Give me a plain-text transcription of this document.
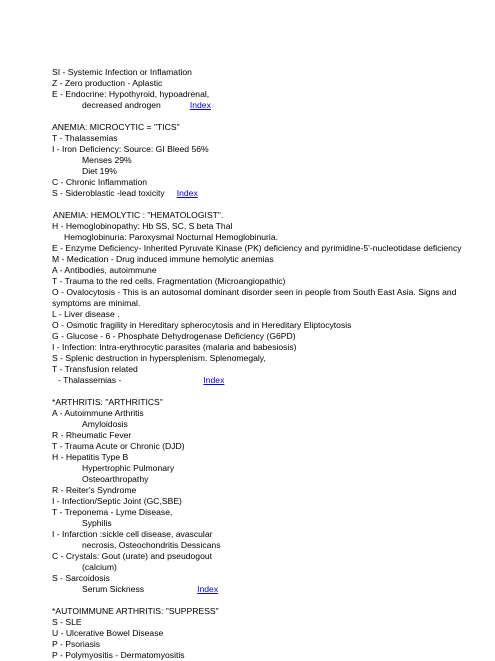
SI - Systemic Infection or Inflamation
Z - Zero production - Aplastic
E - Endocrine: Hypothyroid, hypoadrenal,
decreased androgen	Index
ANEMIA: MICROCYTIC = "TICS"
T - Thalassemias
I - Iron Deficiency: Source: GI Bleed 56%
Menses 29%
Diet 19%
C - Chronic Inflammation
S - Sideroblastic -lead toxicity Index
ANEMIA: HEMOLYTIC : "HEMATOLOGIST".
H - Hemoglobinopathy: Hb SS, SC, S beta Thal
Hemoglobinuria: Paroxysmal Nocturnal Hemoglobinuria.
E - Enzyme Deficiency- Inherited Pyruvate Kinase (PK) deficiency and pyrimidine-5'-nucleotidase deficiency
M - Medication - Drug induced immune hemolytic anemias
A - Antibodies, autoimmune
T - Trauma to the red cells. Fragmentation (Microangiopathic)
O - Ovalocytosis - This is an autosomal dominant disorder seen in people from South East Asia. Signs and symptoms are minimal.
L - Liver disease .
O - Osmotic fragility in Hereditary spherocytosis and in Hereditary Eliptocytosis
G - Glucose - 6 - Phosphate Dehydrogenase Deficiency (G6PD)
I - Infection: Intra-erythrocytic parasites (malaria and babesiosis)
S - Splenic destruction in hypersplenism. Splenomegaly,
T - Transfusion related
- Thalassemias -	Index
*ARTHRITIS: "ARTHRITICS"
A - Autoimmune Arthritis
Amyloidosis
R - Rheumatic Fever
T - Trauma Acute or Chronic (DJD)
H - Hepatitis Type B
Hypertrophic Pulmonary
Osteoarthropathy
R - Reiter's Syndrome
I - Infection/Septic Joint (GC,SBE)
T - Treponema - Lyme Disease,
Syphilis
I - Infarction :sickle cell disease, avascular
necrosis, Osteochondritis Dessicans
C - Crystals: Gout (urate) and pseudogout
(calcium)
S - Sarcoidosis
Serum Sickness	Index
*AUTOIMMUNE ARTHRITIS: "SUPPRESS"
S - SLE
U - Ulcerative Bowel Disease
P - Psoriasis
P - Polymyositis - Dermatomyositis
